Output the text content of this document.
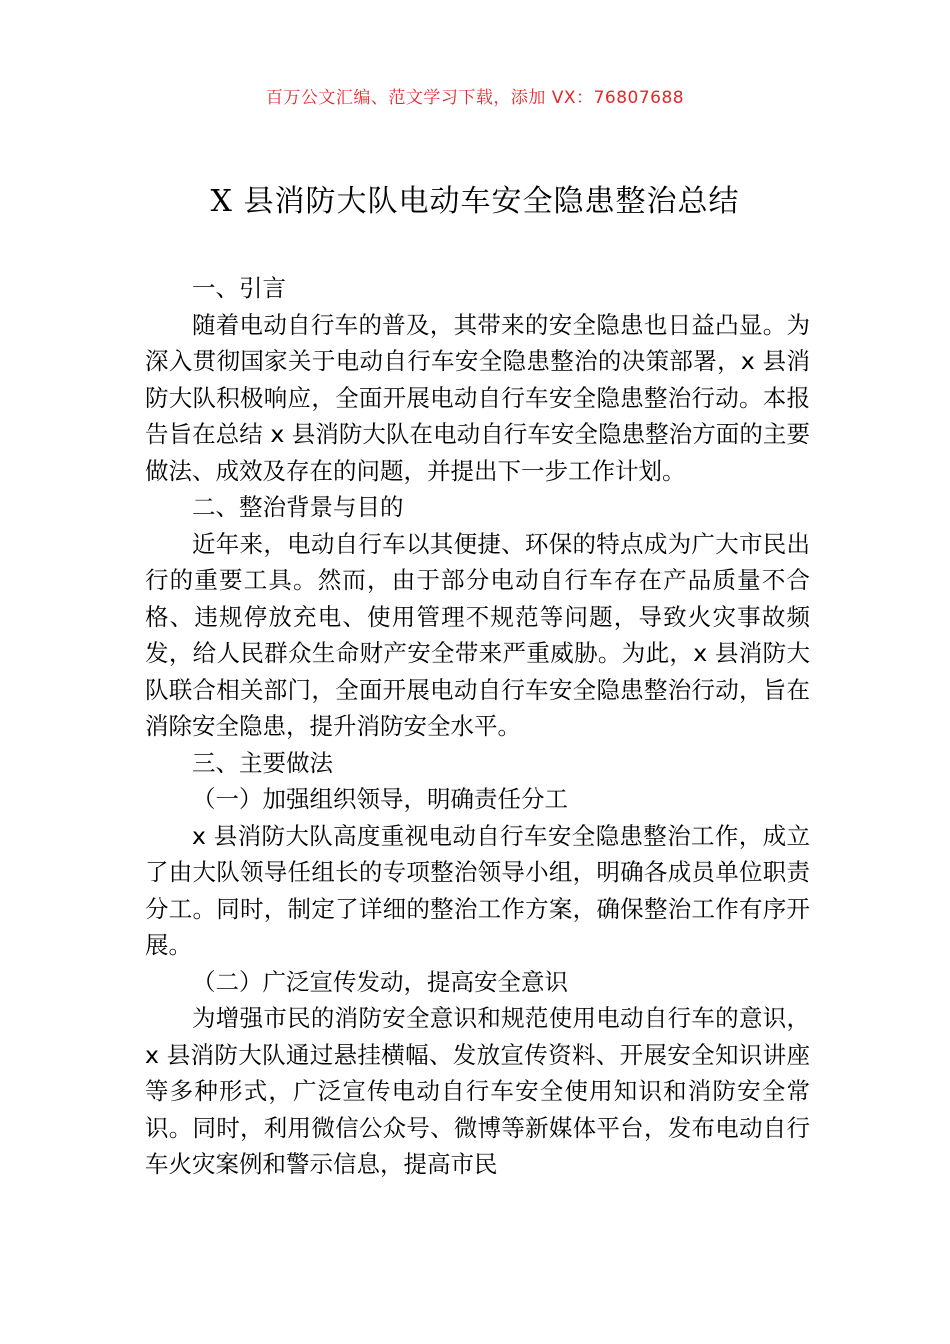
百万公文汇编、范文学习下载，添加 VX：76807688
X 县消防大队电动车安全隐患整治总结

一、引言

随着电动自行车的普及，其带来的安全隐患也日益凸显。为深入贯彻国家关于电动自行车安全隐患整治的决策部署，x 县消防大队积极响应，全面开展电动自行车安全隐患整治行动。本报告旨在总结 x 县消防大队在电动自行车安全隐患整治方面的主要做法、成效及存在的问题，并提出下一步工作计划。

二、整治背景与目的

近年来，电动自行车以其便捷、环保的特点成为广大市民出行的重要工具。然而，由于部分电动自行车存在产品质量不合格、违规停放充电、使用管理不规范等问题，导致火灾事故频发，给人民群众生命财产安全带来严重威胁。为此，x 县消防大队联合相关部门，全面开展电动自行车安全隐患整治行动，旨在消除安全隐患，提升消防安全水平。

三、主要做法

（一）加强组织领导，明确责任分工

x 县消防大队高度重视电动自行车安全隐患整治工作，成立了由大队领导任组长的专项整治领导小组，明确各成员单位职责分工。同时，制定了详细的整治工作方案，确保整治工作有序开展。

（二）广泛宣传发动，提高安全意识

为增强市民的消防安全意识和规范使用电动自行车的意识，x 县消防大队通过悬挂横幅、发放宣传资料、开展安全知识讲座等多种形式，广泛宣传电动自行车安全使用知识和消防安全常识。同时，利用微信公众号、微博等新媒体平台，发布电动自行车火灾案例和警示信息，提高市民
